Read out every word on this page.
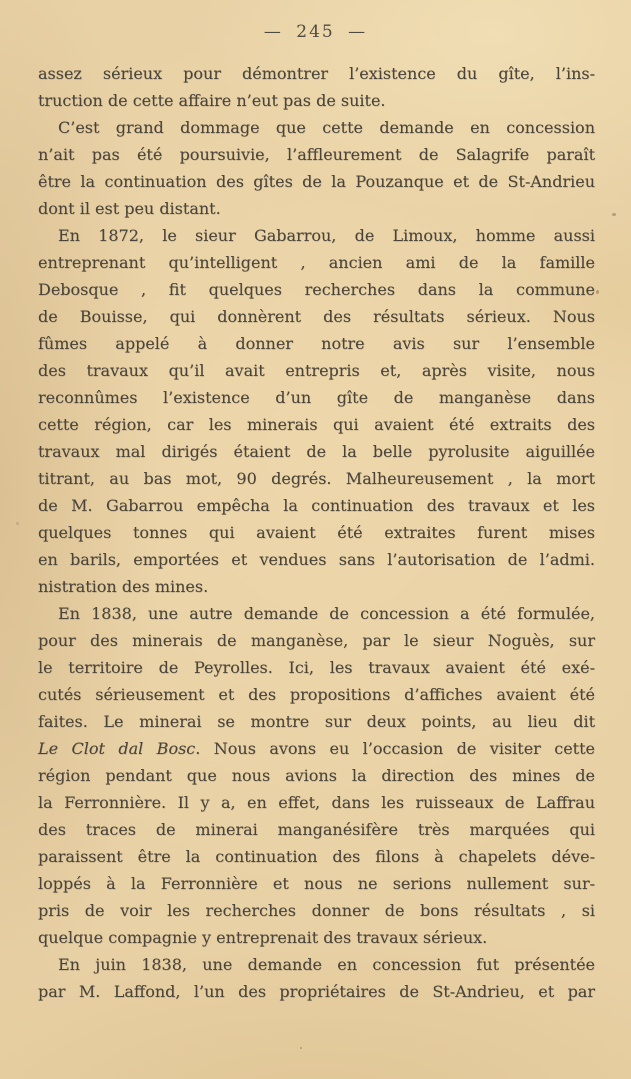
— 245 —
assez sérieux pour démontrer l’existence du gîte, l’ins-
truction de cette affaire n’eut pas de suite.
C’est grand dommage que cette demande en concession
n’ait pas été poursuivie, l’affleurement de Salagrife paraît
être la continuation des gîtes de la Pouzanque et de St-Andrieu
dont il est peu distant.
En 1872, le sieur Gabarrou, de Limoux, homme aussi
entreprenant qu’intelligent , ancien ami de la famille
Debosque , fit quelques recherches dans la commune
de Bouisse, qui donnèrent des résultats sérieux. Nous
fûmes appelé à donner notre avis sur l’ensemble
des travaux qu’il avait entrepris et, après visite, nous
reconnûmes l’existence d’un gîte de manganèse dans
cette région, car les minerais qui avaient été extraits des
travaux mal dirigés étaient de la belle pyrolusite aiguillée
titrant, au bas mot, 90 degrés. Malheureusement , la mort
de M. Gabarrou empêcha la continuation des travaux et les
quelques tonnes qui avaient été extraites furent mises
en barils, emportées et vendues sans l’autorisation de l’admi.
nistration des mines.
En 1838, une autre demande de concession a été formulée,
pour des minerais de manganèse, par le sieur Noguès, sur
le territoire de Peyrolles. Ici, les travaux avaient été exé-
cutés sérieusement et des propositions d’affiches avaient été
faites. Le minerai se montre sur deux points, au lieu dit
Le Clot dal Bosc. Nous avons eu l’occasion de visiter cette
région pendant que nous avions la direction des mines de
la Ferronnière. Il y a, en effet, dans les ruisseaux de Laffrau
des traces de minerai manganésifère très marquées qui
paraissent être la continuation des filons à chapelets déve-
loppés à la Ferronnière et nous ne serions nullement sur-
pris de voir les recherches donner de bons résultats , si
quelque compagnie y entreprenait des travaux sérieux.
En juin 1838, une demande en concession fut présentée
par M. Laffond, l’un des propriétaires de St-Andrieu, et par
